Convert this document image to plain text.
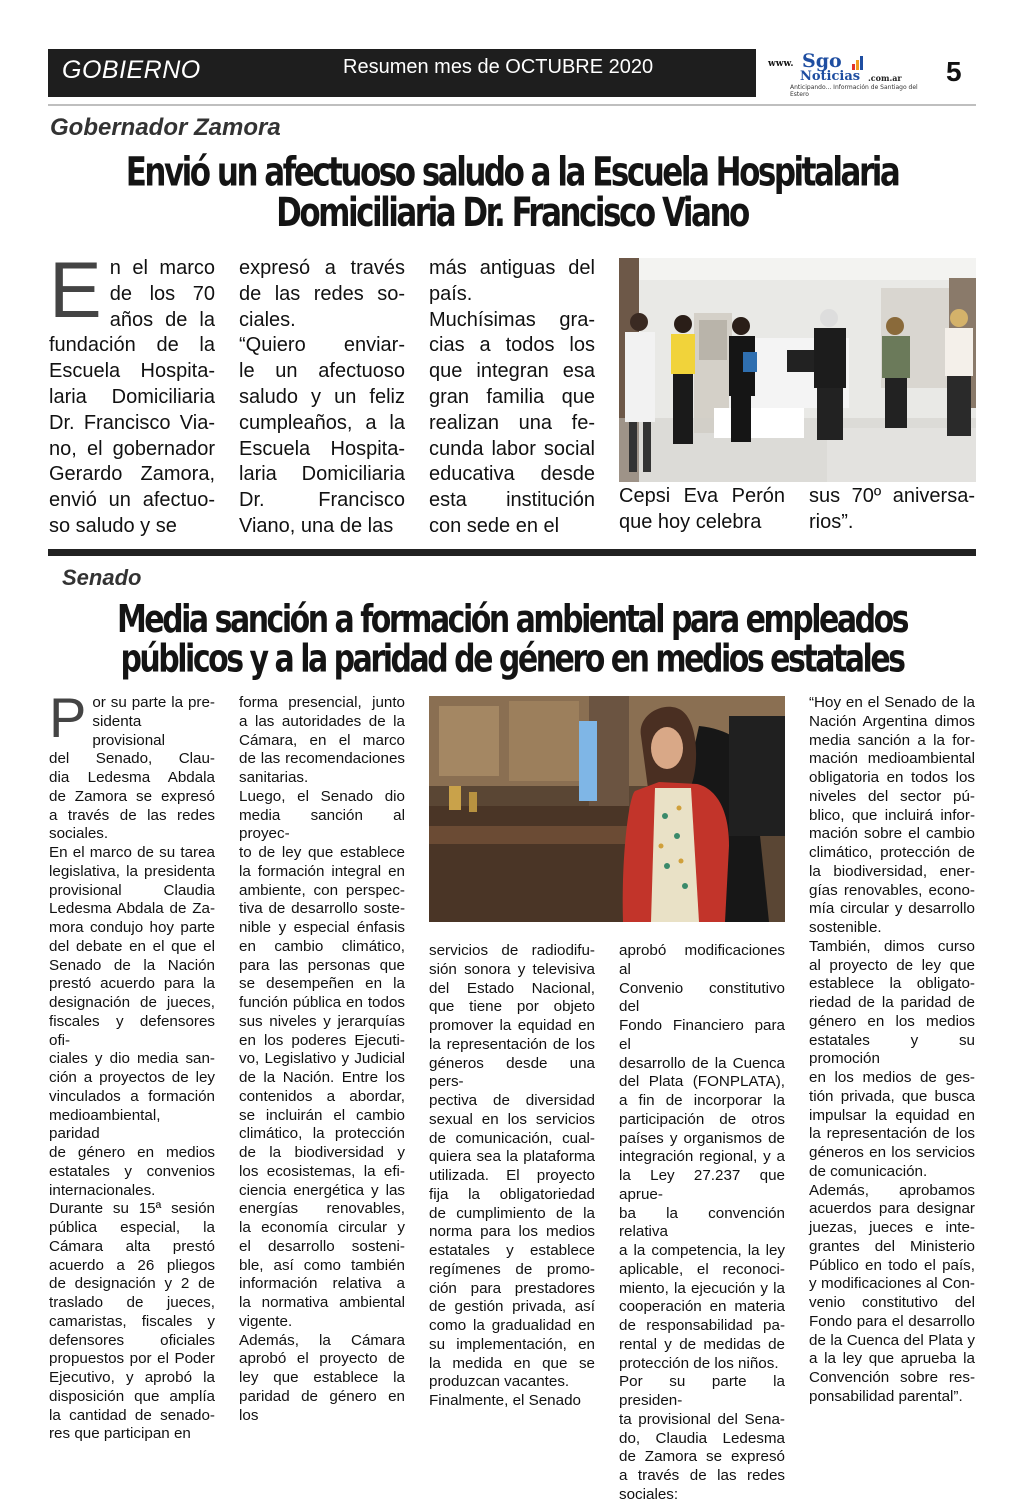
GOBIERNO	Resumen mes de OCTUBRE 2020	www. Sgo
Noticias .com.ar
Anticipando... Información de Santiago del Estero
5
Gobernador Zamora
Envió un afectuoso saludo a la Escuela Hospitalaria
Domiciliaria Dr. Francisco Viano
E n el marco
de los 70
años de la
fundación de la
Escuela Hospita-
laria Domiciliaria
Dr. Francisco Via-
no, el gobernador
Gerardo Zamora,
envió un afectuo-
so saludo y se
expresó a través
de las redes so-
ciales.
“Quiero enviar-
le un afectuoso
saludo y un feliz
cumpleaños, a la
Escuela Hospita-
laria Domiciliaria
Dr. Francisco
Viano, una de las
más antiguas del
país.
Muchísimas gra-
cias a todos los
que integran esa
gran familia que
realizan una fe-
cunda labor social
educativa desde
esta institución
con sede en el
Cepsi Eva Perón
que hoy celebra
sus 70º aniversa-
rios”.
Senado
Media sanción a formación ambiental para empleados
públicos y a la paridad de género en medios estatales
P or su parte la pre-
sidenta provisional
del Senado, Clau-
dia Ledesma Abdala
de Zamora se expresó
a través de las redes
sociales.
En el marco de su tarea
legislativa, la presidenta
provisional Claudia
Ledesma Abdala de Za-
mora condujo hoy parte
del debate en el que el
Senado de la Nación
prestó acuerdo para la
designación de jueces,
fiscales y defensores ofi-
ciales y dio media san-
ción a proyectos de ley
vinculados a formación
medioambiental, paridad
de género en medios
estatales y convenios
internacionales.
Durante su 15ª sesión
pública especial, la
Cámara alta prestó
acuerdo a 26 pliegos
de designación y 2 de
traslado de jueces,
camaristas, fiscales y
defensores oficiales
propuestos por el Poder
Ejecutivo, y aprobó la
disposición que amplía
la cantidad de senado-
res que participan en
forma presencial, junto
a las autoridades de la
Cámara, en el marco
de las recomendaciones
sanitarias.
Luego, el Senado dio
media sanción al proyec-
to de ley que establece
la formación integral en
ambiente, con perspec-
tiva de desarrollo soste-
nible y especial énfasis
en cambio climático,
para las personas que
se desempeñen en la
función pública en todos
sus niveles y jerarquías
en los poderes Ejecuti-
vo, Legislativo y Judicial
de la Nación. Entre los
contenidos a abordar,
se incluirán el cambio
climático, la protección
de la biodiversidad y
los ecosistemas, la efi-
ciencia energética y las
energías renovables,
la economía circular y
el desarrollo sosteni-
ble, así como también
información relativa a
la normativa ambiental
vigente.
Además, la Cámara
aprobó el proyecto de
ley que establece la
paridad de género en los
servicios de radiodifu-
sión sonora y televisiva
del Estado Nacional,
que tiene por objeto
promover la equidad en
la representación de los
géneros desde una pers-
pectiva de diversidad
sexual en los servicios
de comunicación, cual-
quiera sea la plataforma
utilizada. El proyecto
fija la obligatoriedad
de cumplimiento de la
norma para los medios
estatales y establece
regímenes de promo-
ción para prestadores
de gestión privada, así
como la gradualidad en
su implementación, en
la medida en que se
produzcan vacantes.
Finalmente, el Senado
aprobó modificaciones al
Convenio constitutivo del
Fondo Financiero para el
desarrollo de la Cuenca
del Plata (FONPLATA),
a fin de incorporar la
participación de otros
países y organismos de
integración regional, y a
la Ley 27.237 que aprue-
ba la convención relativa
a la competencia, la ley
aplicable, el reconoci-
miento, la ejecución y la
cooperación en materia
de responsabilidad pa-
rental y de medidas de
protección de los niños.
Por su parte la presiden-
ta provisional del Sena-
do, Claudia Ledesma
de Zamora se expresó
a través de las redes
sociales:
“Hoy en el Senado de la
Nación Argentina dimos
media sanción a la for-
mación medioambiental
obligatoria en todos los
niveles del sector pú-
blico, que incluirá infor-
mación sobre el cambio
climático, protección de
la biodiversidad, ener-
gías renovables, econo-
mía circular y desarrollo
sostenible.
También, dimos curso
al proyecto de ley que
establece la obligato-
riedad de la paridad de
género en los medios
estatales y su promoción
en los medios de ges-
tión privada, que busca
impulsar la equidad en
la representación de los
géneros en los servicios
de comunicación.
Además, aprobamos
acuerdos para designar
juezas, jueces e inte-
grantes del Ministerio
Público en todo el país,
y modificaciones al Con-
venio constitutivo del
Fondo para el desarrollo
de la Cuenca del Plata y
a la ley que aprueba la
Convención sobre res-
ponsabilidad parental”.
